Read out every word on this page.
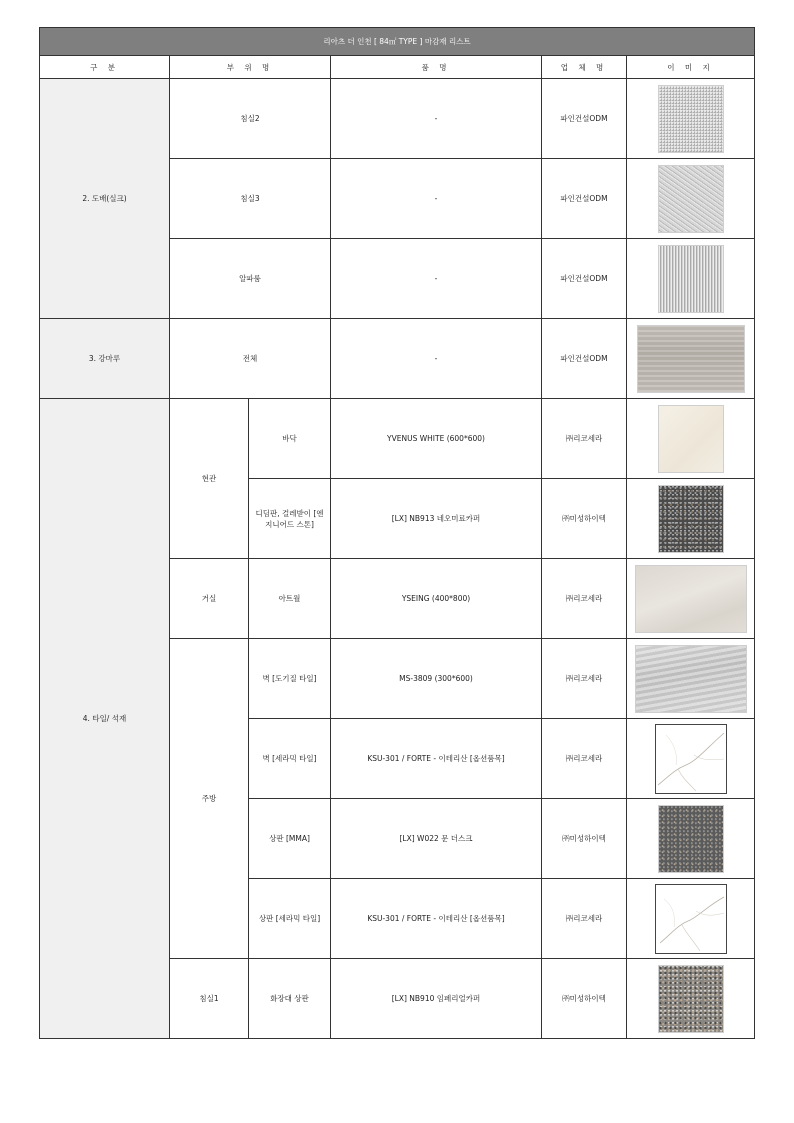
리아츠 더 인천 [ 84㎡ TYPE ] 마감재 리스트					
구 분	부 위 명		품 명	업 체 명	이 미 지
2. 도배(실크)	침실2		-	파인건설ODM	
	침실3		-	파인건설ODM	
	알파룸		-	파인건설ODM	
3. 강마루	전체		-	파인건설ODM	
4. 타일/ 석재	현관	바닥	YVENUS WHITE (600*600)	㈜리코세라	
		디딤판, 걸레받이 [엔지니어드 스톤]	[LX] NB913 네오미료카퍼	㈜미성하이텍	
	거실	아트월	YSEING (400*800)	㈜리코세라	
	주방	벽 [도기질 타일]	MS-3809 (300*600)	㈜리코세라	
		벽 [세라믹 타일]	KSU-301 / FORTE - 이테리산 [옵션품목]	㈜리코세라	

		상판 [MMA]	[LX] W022 문 더스크	㈜미성하이텍	
		상판 [세라믹 타일]	KSU-301 / FORTE - 이테리산 [옵션품목]	㈜리코세라	

	침실1	화장대 상판	[LX] NB910 임페리얼카퍼	㈜미성하이텍	
